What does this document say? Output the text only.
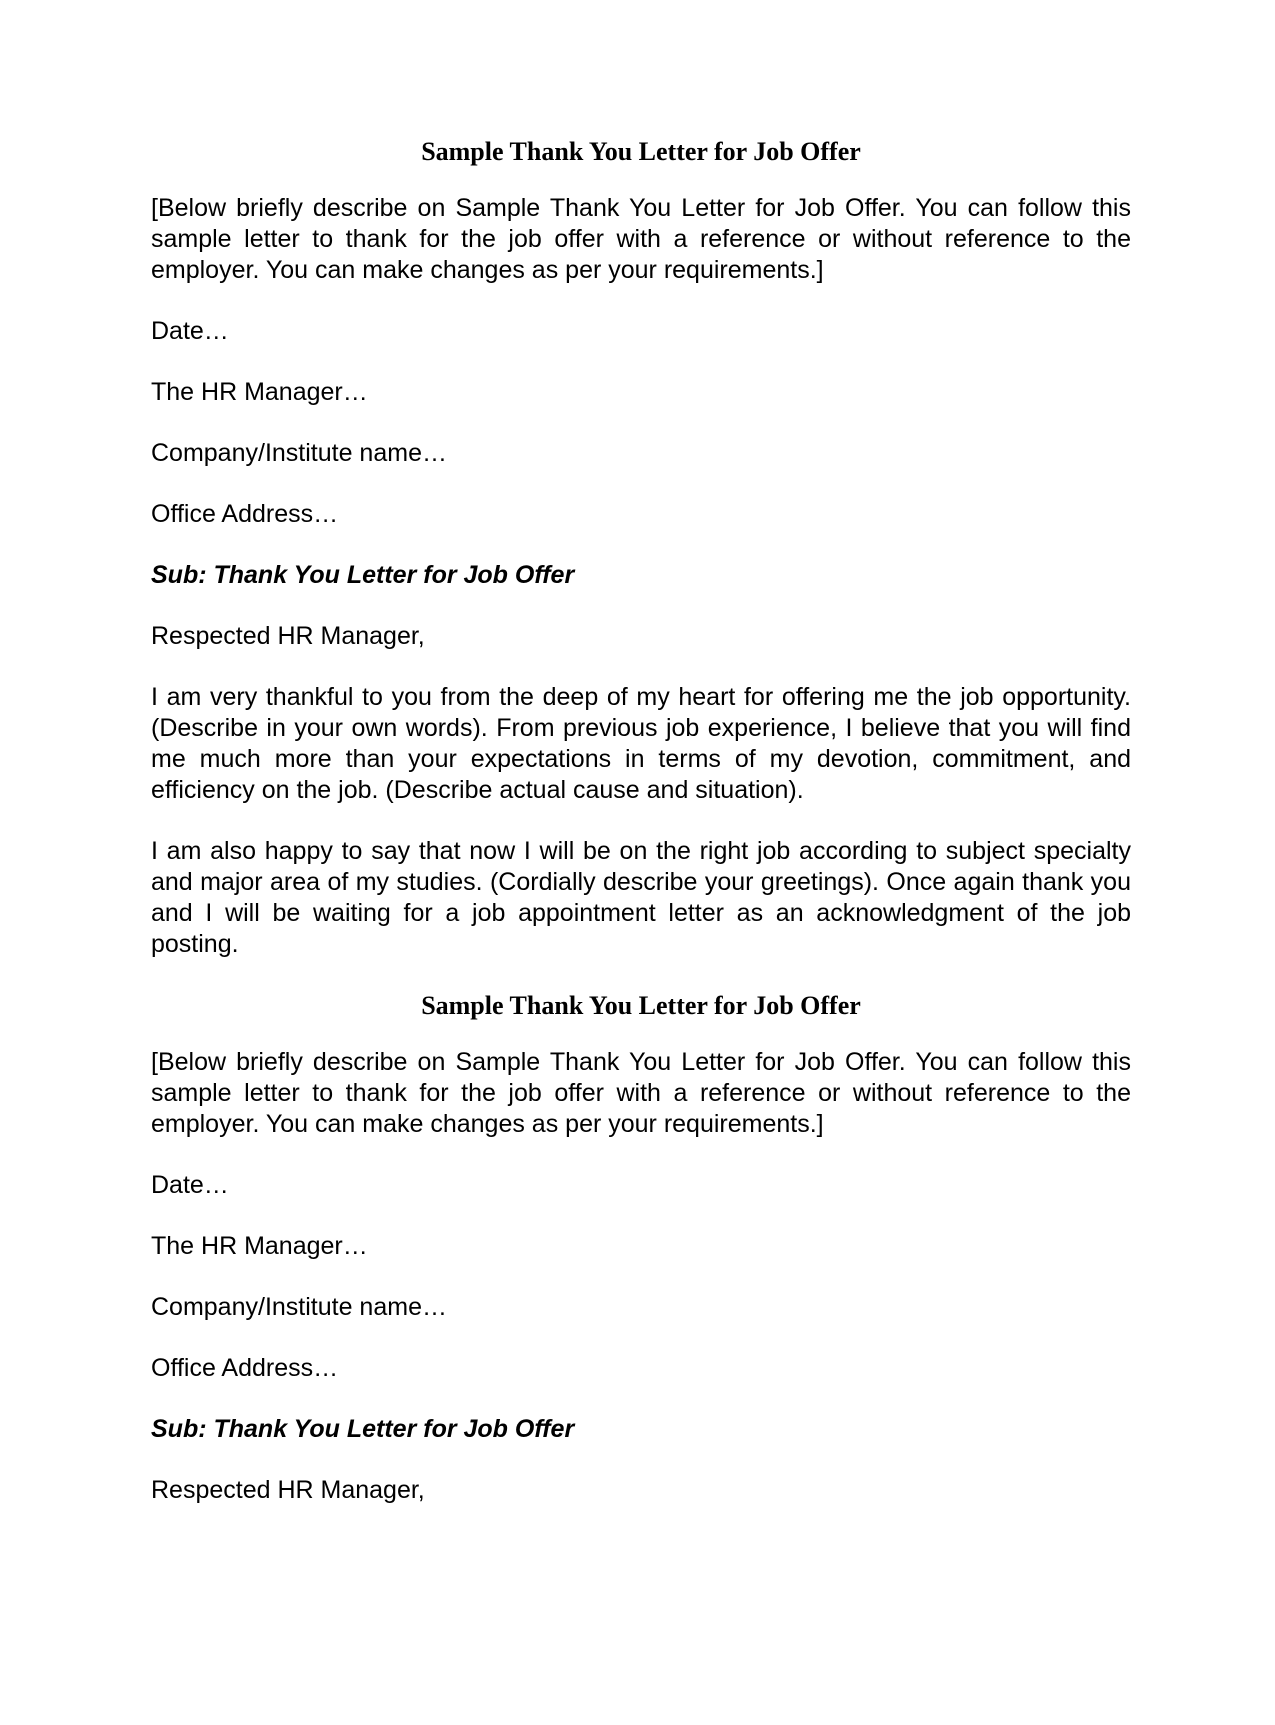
Sample Thank You Letter for Job Offer
[Below briefly describe on Sample Thank You Letter for Job Offer. You can follow this sample letter to thank for the job offer with a reference or without reference to the employer. You can make changes as per your requirements.]
Date…
The HR Manager…
Company/Institute name…
Office Address…
Sub: Thank You Letter for Job Offer
Respected HR Manager,
I am very thankful to you from the deep of my heart for offering me the job opportunity. (Describe in your own words). From previous job experience, I believe that you will find me much more than your expectations in terms of my devotion, commitment, and efficiency on the job. (Describe actual cause and situation).
I am also happy to say that now I will be on the right job according to subject specialty and major area of my studies. (Cordially describe your greetings). Once again thank you and I will be waiting for a job appointment letter as an acknowledgment of the job posting.
Sample Thank You Letter for Job Offer
[Below briefly describe on Sample Thank You Letter for Job Offer. You can follow this sample letter to thank for the job offer with a reference or without reference to the employer. You can make changes as per your requirements.]
Date…
The HR Manager…
Company/Institute name…
Office Address…
Sub: Thank You Letter for Job Offer
Respected HR Manager,
